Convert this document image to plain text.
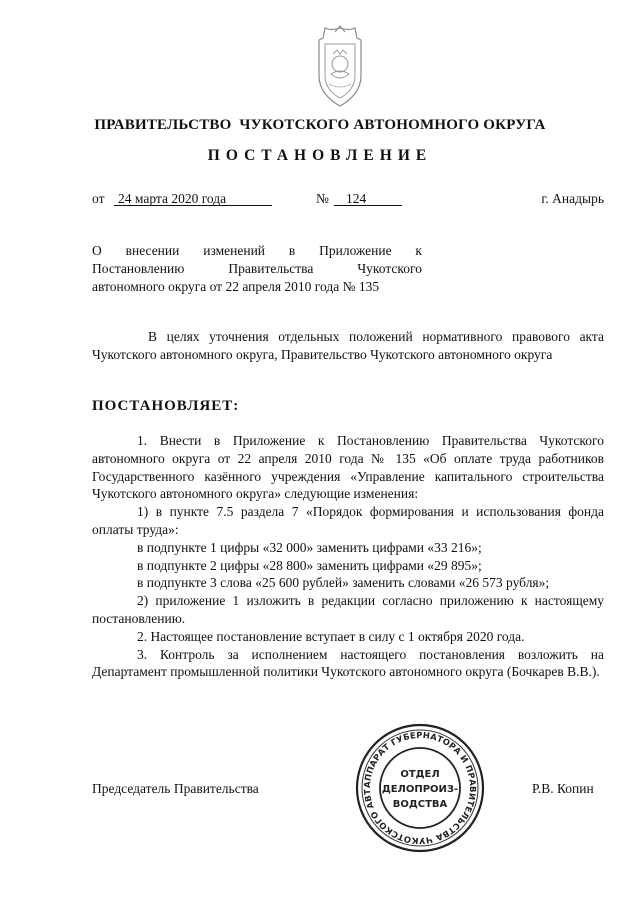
ПРАВИТЕЛЬСТВО  ЧУКОТСКОГО АВТОНОМНОГО ОКРУГА
ПОСТАНОВЛЕНИЕ
от 24 марта 2020 года	№	124	г. Анадырь
О внесении изменений в Приложение к
Постановлению Правительства Чукотского
автономного округа от 22 апреля 2010 года № 135
В целях уточнения отдельных положений нормативного правового акта Чукотского автономного округа, Правительство Чукотского автономного округа
ПОСТАНОВЛЯЕТ:

1. Внести в Приложение к Постановлению Правительства Чукотского автономного округа от 22 апреля 2010 года № 135 «Об оплате труда работников Государственного казённого учреждения «Управление капитального строительства Чукотского автономного округа» следующие изменения:

1) в пункте 7.5 раздела 7 «Порядок формирования и использования фонда оплаты труда»:

в подпункте 1 цифры «32 000» заменить цифрами «33 216»;

в подпункте 2 цифры «28 800» заменить цифрами «29 895»;

в подпункте 3 слова «25 600 рублей» заменить словами «26 573 рубля»;

2) приложение 1 изложить в редакции согласно приложению к настоящему постановлению.

2. Настоящее постановление вступает в силу с 1 октября 2020 года.

3. Контроль за исполнением настоящего постановления возложить на Департамент промышленной политики Чукотского автономного округа (Бочкарев В.В.).

Председатель Правительства	Р.В. Копин
АППАРАТ ГУБЕРНАТОРА И ПРАВИТЕЛЬСТВА ЧУКОТСКОГО АВТ
ОТДЕЛ
ДЕЛОПРОИЗ-
ВОДСТВА
